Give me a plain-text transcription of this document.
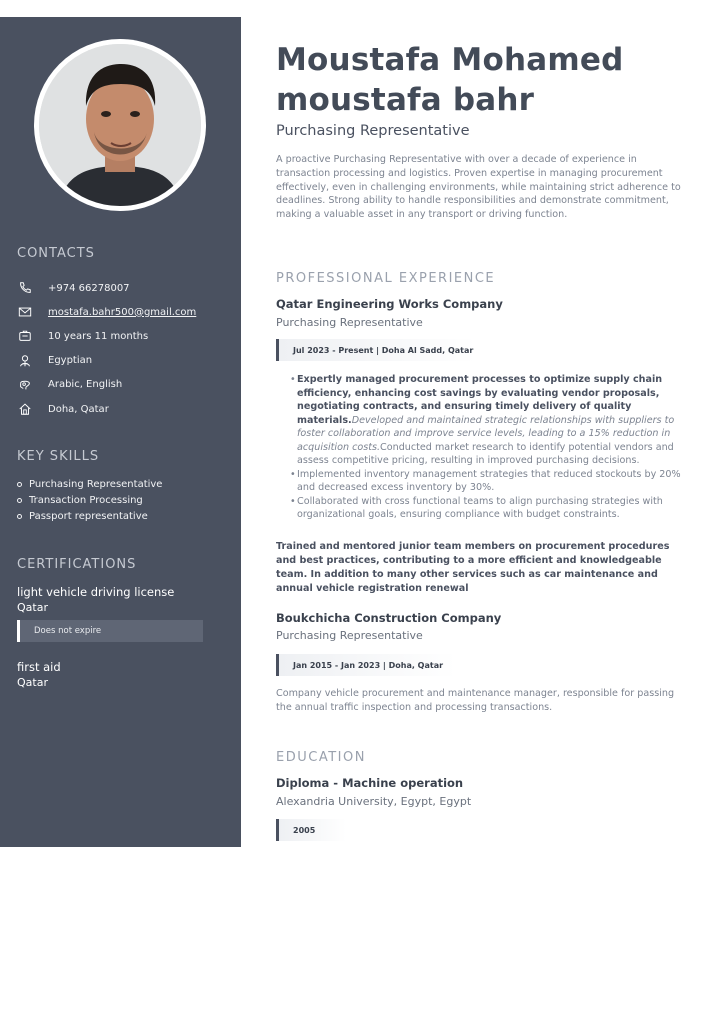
CONTACTS
+974 66278007
mostafa.bahr500@gmail.com
10 years 11 months
Egyptian
Arabic, English
Doha, Qatar
KEY SKILLS
Purchasing Representative
Transaction Processing
Passport representative
CERTIFICATIONS
light vehicle driving license
Qatar
Does not expire
first aid
Qatar
Moustafa Mohamed
moustafa bahr
Purchasing Representative
A proactive Purchasing Representative with over a decade of experience in transaction processing and logistics. Proven expertise in managing procurement effectively, even in challenging environments, while maintaining strict adherence to deadlines. Strong ability to handle responsibilities and demonstrate commitment, making a valuable asset in any transport or driving function.
PROFESSIONAL EXPERIENCE
Qatar Engineering Works Company
Purchasing Representative
Jul 2023 - Present | Doha Al Sadd, Qatar
• Expertly managed procurement processes to optimize supply chain efficiency, enhancing cost savings by evaluating vendor proposals, negotiating contracts, and ensuring timely delivery of quality materials.Developed and maintained strategic relationships with suppliers to foster collaboration and improve service levels, leading to a 15% reduction in acquisition costs.Conducted market research to identify potential vendors and assess competitive pricing, resulting in improved purchasing decisions.
• Implemented inventory management strategies that reduced stockouts by 20% and decreased excess inventory by 30%.
• Collaborated with cross functional teams to align purchasing strategies with organizational goals, ensuring compliance with budget constraints.
Trained and mentored junior team members on procurement procedures and best practices, contributing to a more efficient and knowledgeable team. In addition to many other services such as car maintenance and annual vehicle registration renewal
Boukchicha Construction Company
Purchasing Representative
Jan 2015 - Jan 2023 | Doha, Qatar
Company vehicle procurement and maintenance manager, responsible for passing the annual traffic inspection and processing transactions.
EDUCATION
Diploma - Machine operation
Alexandria University, Egypt, Egypt
2005
